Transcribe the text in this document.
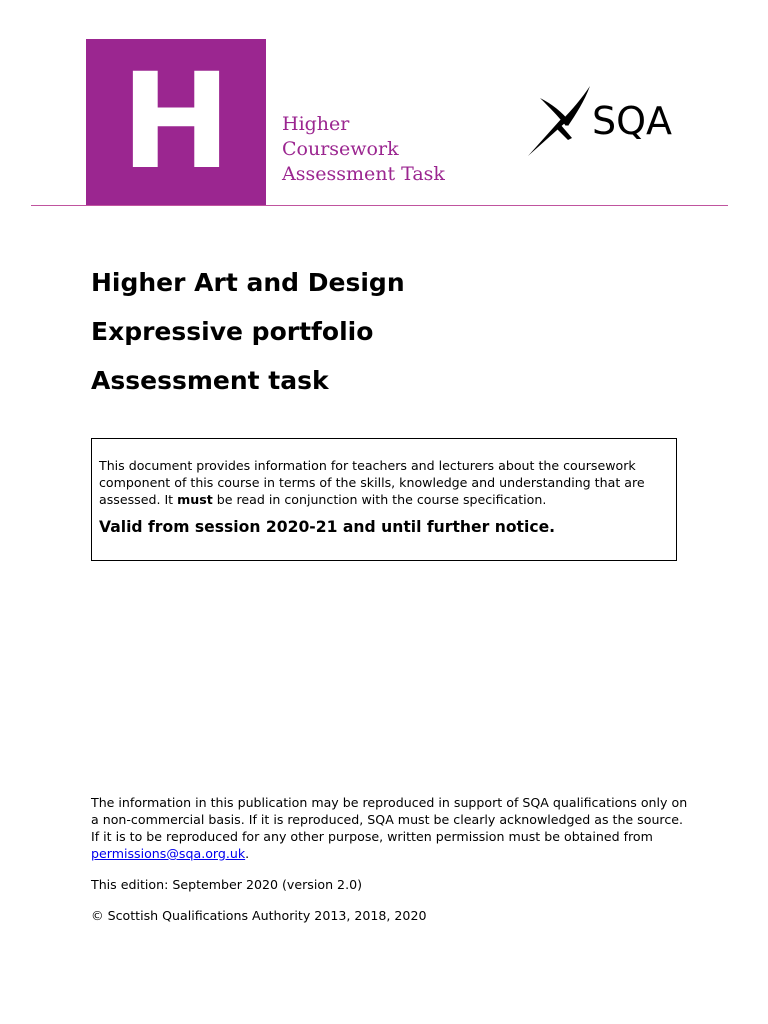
H	Higher
Coursework
Assessment Task
SQA
Higher Art and Design
Expressive portfolio
Assessment task
This document provides information for teachers and lecturers about the coursework component of this course in terms of the skills, knowledge and understanding that are assessed. It must be read in conjunction with the course specification.
Valid from session 2020-21 and until further notice.

The information in this publication may be reproduced in support of SQA qualifications only on a non-commercial basis. If it is reproduced, SQA must be clearly acknowledged as the source. If it is to be reproduced for any other purpose, written permission must be obtained from permissions@sqa.org.uk.

This edition: September 2020 (version 2.0)

© Scottish Qualifications Authority 2013, 2018, 2020
